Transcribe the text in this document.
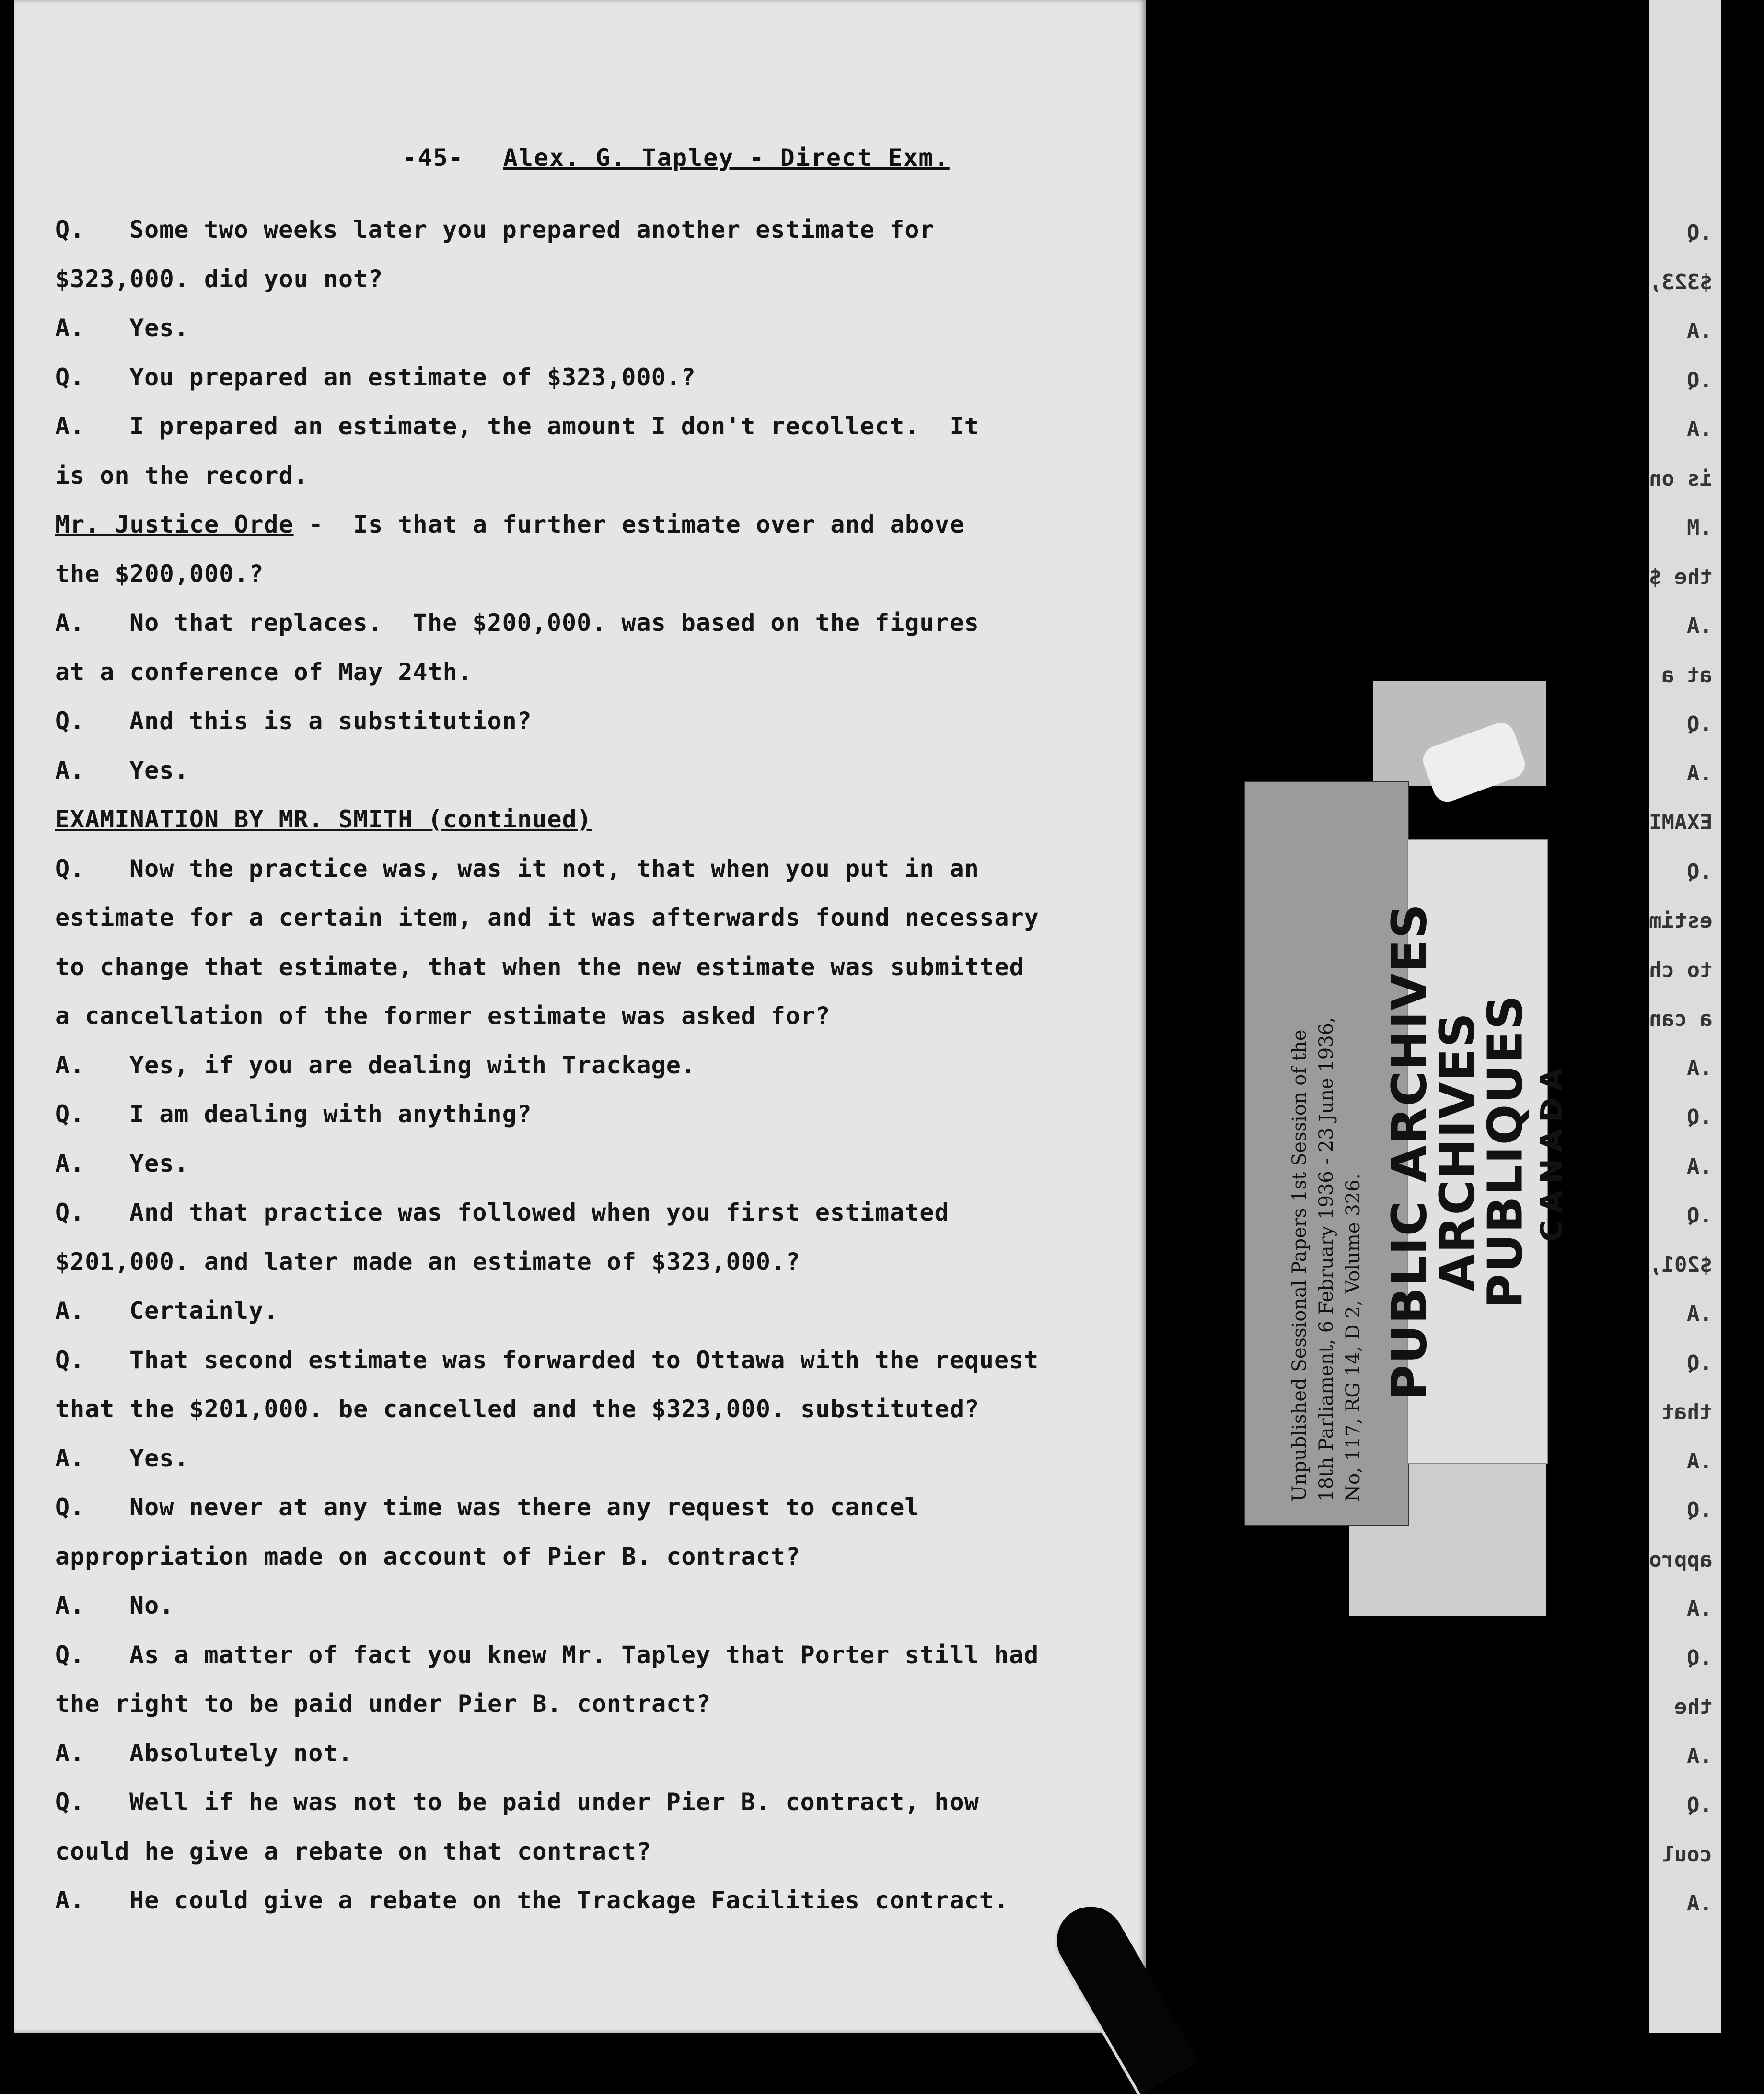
-45- Alex. G. Tapley - Direct Exm.
Q. Some two weeks later you prepared another estimate for
$323,000. did you not?
A. Yes.
Q. You prepared an estimate of $323,000.?
A. I prepared an estimate, the amount I don't recollect.  It
is on the record.
Mr. Justice Orde -  Is that a further estimate over and above
the $200,000.?
A. No that replaces.  The $200,000. was based on the figures
at a conference of May 24th.
Q. And this is a substitution?
A. Yes.
EXAMINATION BY MR. SMITH (continued)
Q. Now the practice was, was it not, that when you put in an
estimate for a certain item, and it was afterwards found necessary
to change that estimate, that when the new estimate was submitted
a cancellation of the former estimate was asked for?
A. Yes, if you are dealing with Trackage.
Q. I am dealing with anything?
A. Yes.
Q. And that practice was followed when you first estimated
$201,000. and later made an estimate of $323,000.?
A. Certainly.
Q. That second estimate was forwarded to Ottawa with the request
that the $201,000. be cancelled and the $323,000. substituted?
A. Yes.
Q. Now never at any time was there any request to cancel
appropriation made on account of Pier B. contract?
A. No.
Q. As a matter of fact you knew Mr. Tapley that Porter still had
the right to be paid under Pier B. contract?
A. Absolutely not.
Q. Well if he was not to be paid under Pier B. contract, how
could he give a rebate on that contract?
A. He could give a rebate on the Trackage Facilities contract.
.Q
$323,
.A
.Q
.A
is on
.M
the $
.A
at a
.Q
.A
EXAMI
.Q
estim
to ch
a can
.A
.Q
.A
.Q
$201,
.A
.Q
that
.A
.Q
appro
.A
.Q
the
.A
.Q
coul
.A
Unpublished Sessional Papers 1st Session of the 18th Parliament, 6 February 1936 - 23 June 1936, No, 117, RG 14, D 2, Volume 326. PUBLIC ARCHIVES
ARCHIVES PUBLIQUES CANADA
